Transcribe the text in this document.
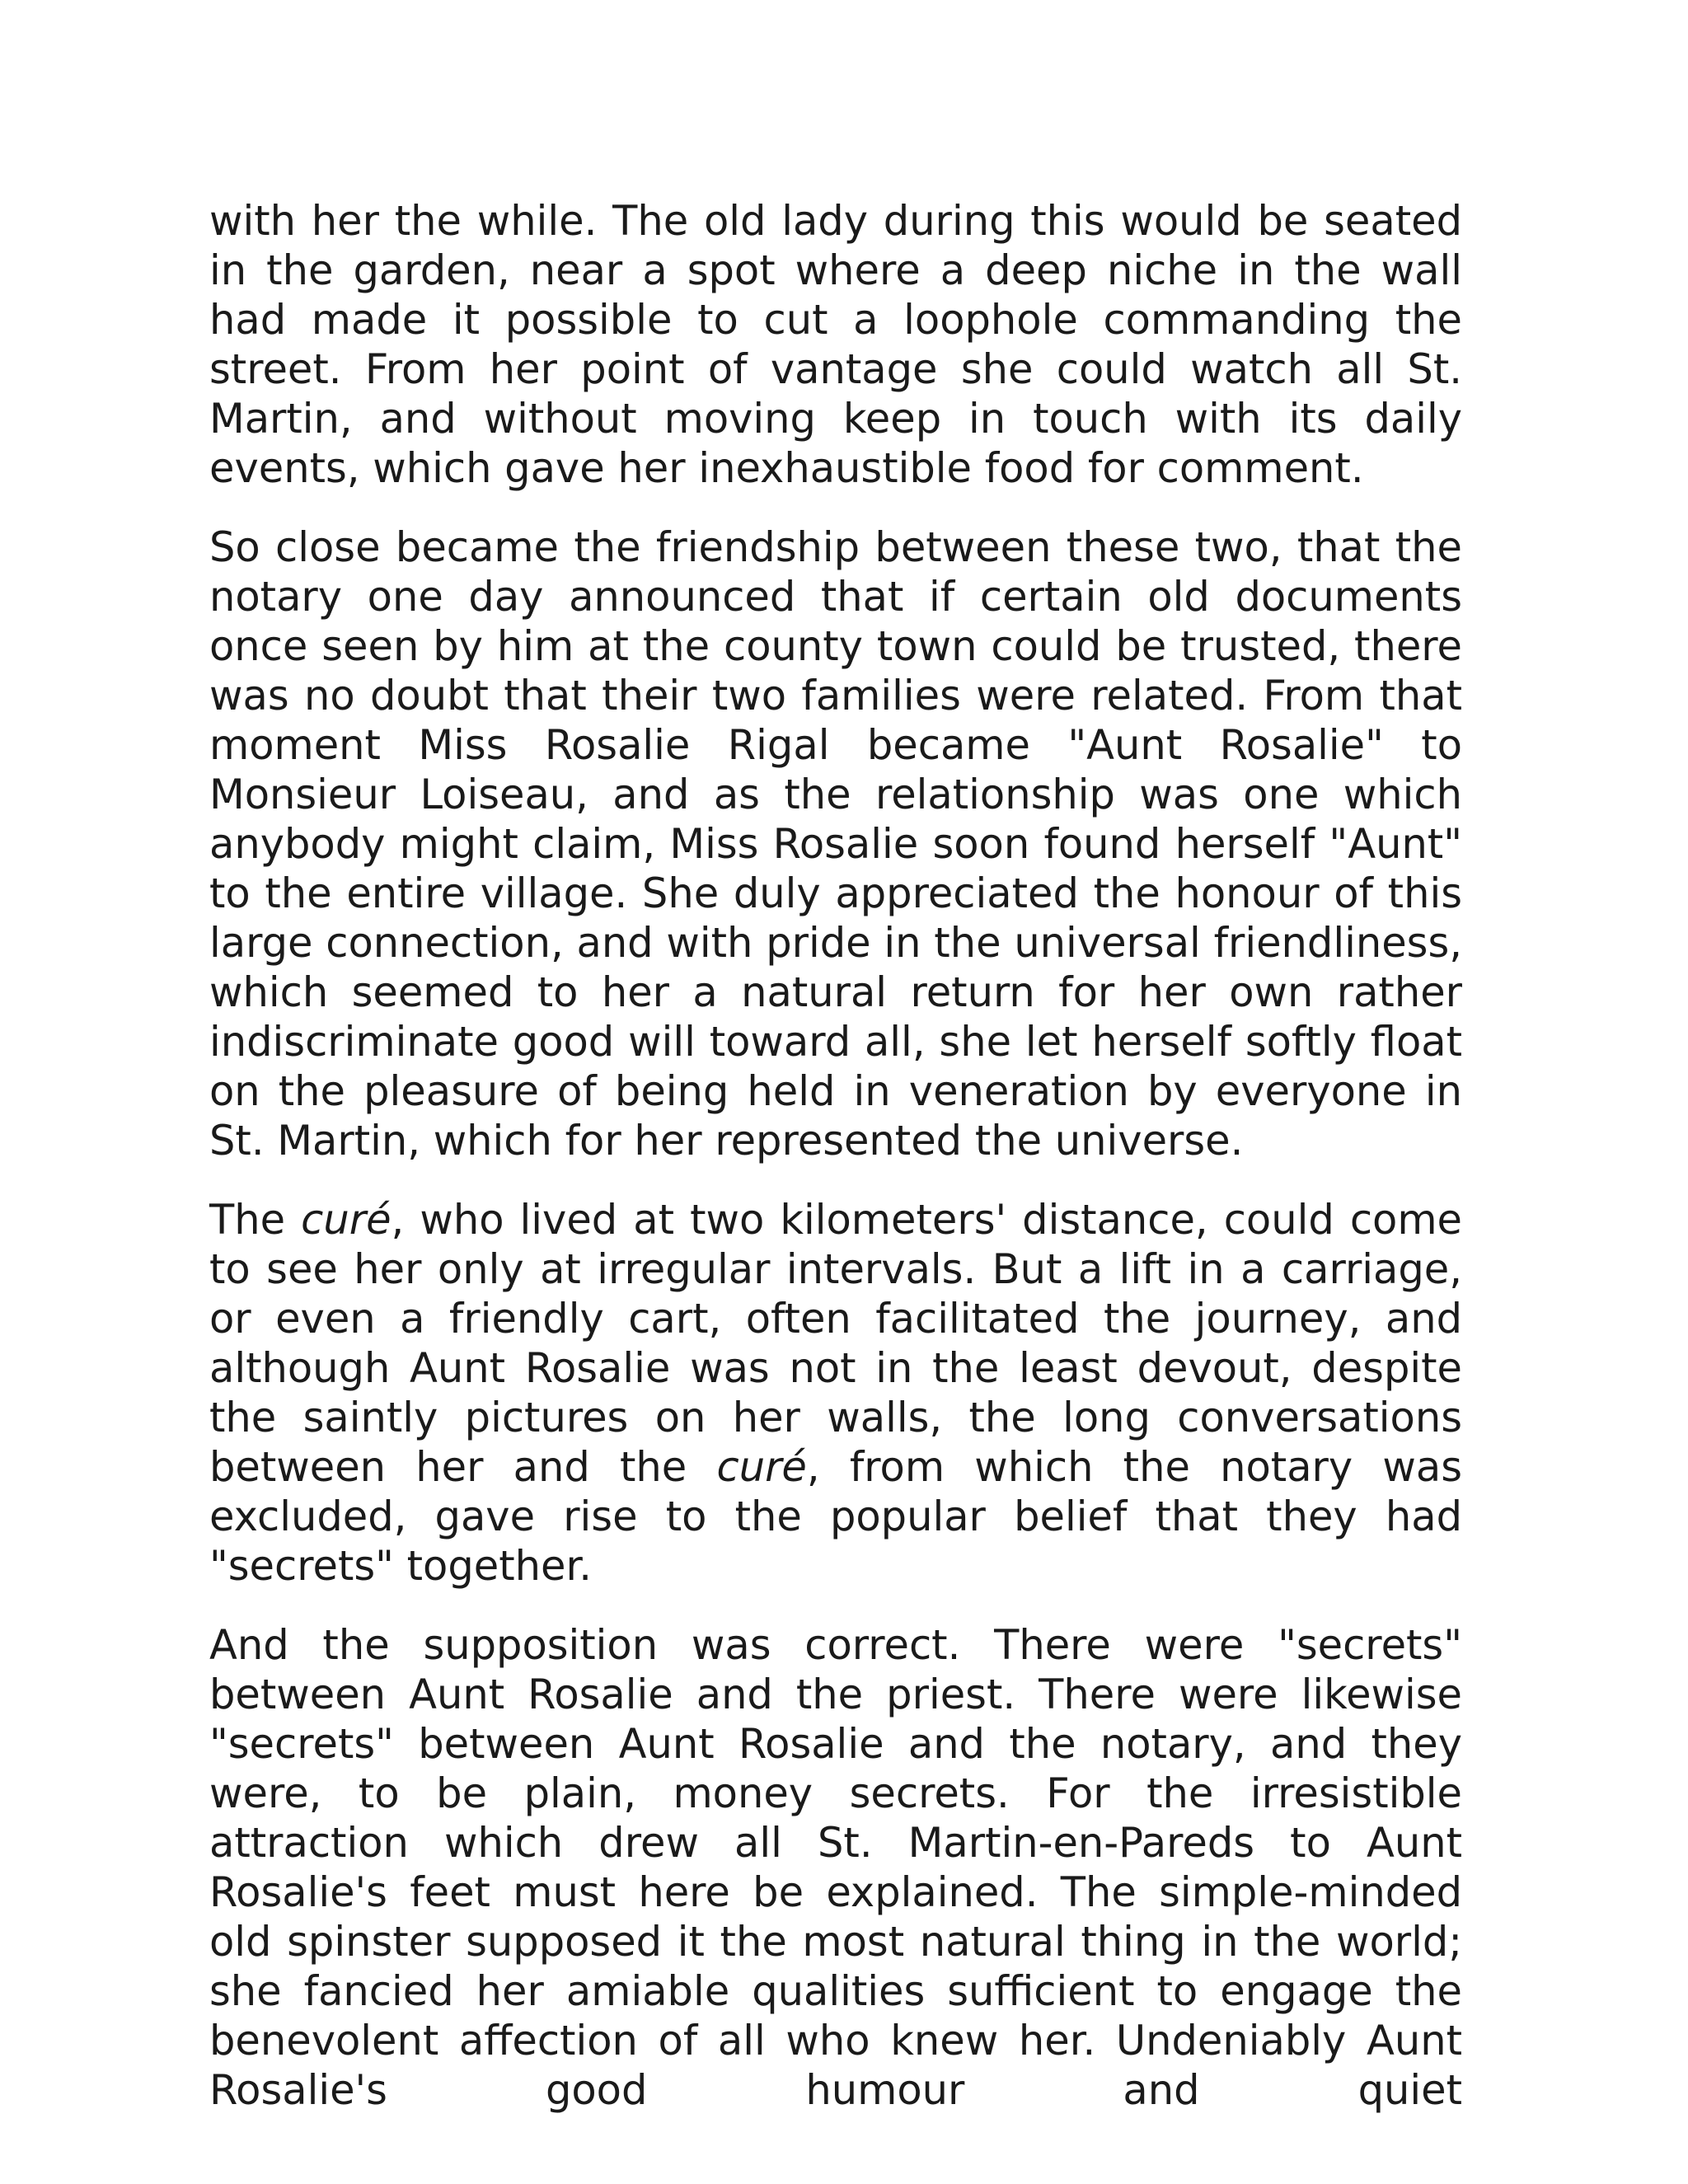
with her the while. The old lady during this would be seated in the garden, near a spot where a deep niche in the wall had made it possible to cut a loophole commanding the street. From her point of vantage she could watch all St. Martin, and without moving keep in touch with its daily events, which gave her inexhaustible food for comment.

So close became the friendship between these two, that the notary one day announced that if certain old documents once seen by him at the county town could be trusted, there was no doubt that their two families were related. From that moment Miss Rosalie Rigal became "Aunt Rosalie" to Monsieur Loiseau, and as the relationship was one which anybody might claim, Miss Rosalie soon found herself "Aunt" to the entire village. She duly appreciated the honour of this large connection, and with pride in the universal friendliness, which seemed to her a natural return for her own rather indiscriminate good will toward all, she let herself softly float on the pleasure of being held in veneration by everyone in St. Martin, which for her represented the universe.

The curé, who lived at two kilometers' distance, could come to see her only at irregular intervals. But a lift in a carriage, or even a friendly cart, often facilitated the journey, and although Aunt Rosalie was not in the least devout, despite the saintly pictures on her walls, the long conversations between her and the curé, from which the notary was excluded, gave rise to the popular belief that they had "secrets" together.

And the supposition was correct. There were "secrets" between Aunt Rosalie and the priest. There were likewise "secrets" between Aunt Rosalie and the notary, and they were, to be plain, money secrets. For the irresistible attraction which drew all St. Martin-en-Pareds to Aunt Rosalie's feet must here be explained. The simple-minded old spinster supposed it the most natural thing in the world; she fancied her amiable qualities sufficient to engage the benevolent affection of all who knew her. Undeniably Aunt Rosalie's good humour and quiet
